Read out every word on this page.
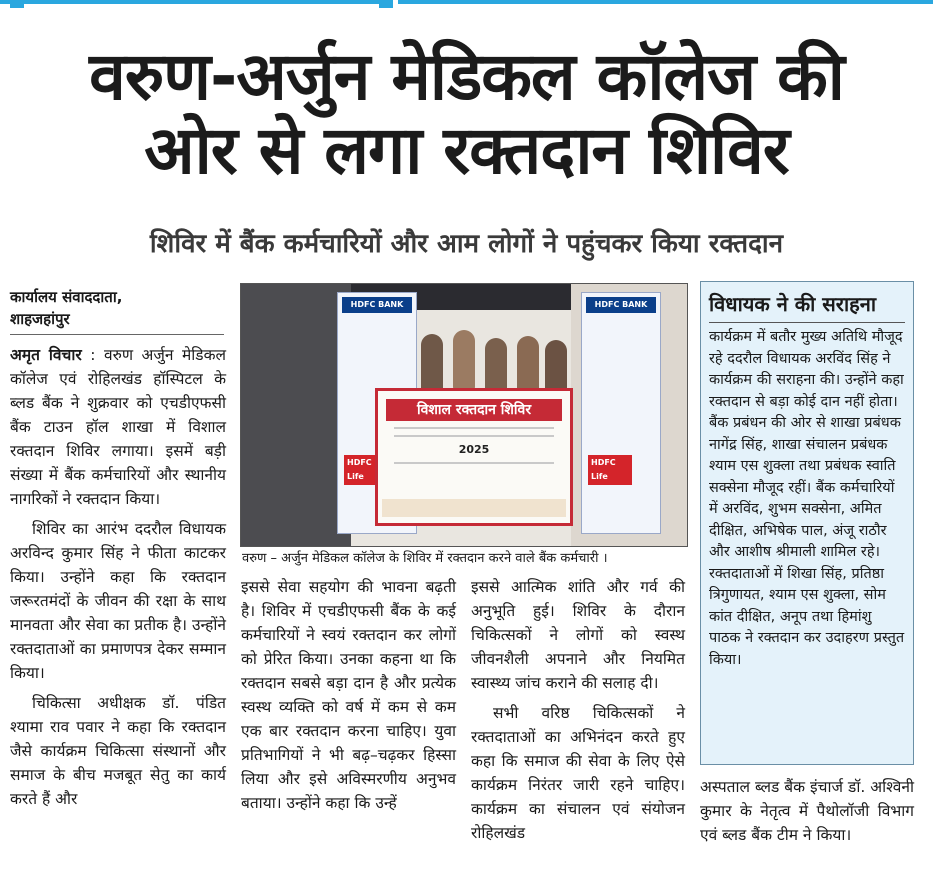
वरुण-अर्जुन मेडिकल कॉलेज की
ओर से लगा रक्तदान शिविर
शिविर में बैंक कर्मचारियों और आम लोगों ने पहुंचकर किया रक्तदान
कार्यालय संवाददाता,
शाहजहांपुर

अमृत विचार : वरुण अर्जुन मेडिकल कॉलेज एवं रोहिलखंड हॉस्पिटल के ब्लड बैंक ने शुक्रवार को एचडीएफसी बैंक टाउन हॉल शाखा में विशाल रक्तदान शिविर लगाया। इसमें बड़ी संख्या में बैंक कर्मचारियों और स्थानीय नागरिकों ने रक्तदान किया।

शिविर का आरंभ ददरौल विधायक अरविन्द कुमार सिंह ने फीता काटकर किया। उन्होंने कहा कि रक्तदान जरूरतमंदों के जीवन की रक्षा के साथ मानवता और सेवा का प्रतीक है। उन्होंने रक्तदाताओं का प्रमाणपत्र देकर सम्मान किया।

चिकित्सा अधीक्षक डॉ. पंडित श्यामा राव पवार ने कहा कि रक्तदान जैसे कार्यक्रम चिकित्सा संस्थानों और समाज के बीच मजबूत सेतु का कार्य करते हैं और

HDFC BANK
HDFC Life
HDFC BANK
HDFC Life
विशाल रक्तदान शिविर
2025
वरुण – अर्जुन मेडिकल कॉलेज के शिविर में रक्तदान करने वाले बैंक कर्मचारी ।

इससे सेवा सहयोग की भावना बढ़ती है। शिविर में एचडीएफसी बैंक के कई कर्मचारियों ने स्वयं रक्तदान कर लोगों को प्रेरित किया। उनका कहना था कि रक्तदान सबसे बड़ा दान है और प्रत्येक स्वस्थ व्यक्ति को वर्ष में कम से कम एक बार रक्तदान करना चाहिए। युवा प्रतिभागियों ने भी बढ़–चढ़कर हिस्सा लिया और इसे अविस्मरणीय अनुभव बताया। उन्होंने कहा कि उन्हें

इससे आत्मिक शांति और गर्व की अनुभूति हुई। शिविर के दौरान चिकित्सकों ने लोगों को स्वस्थ जीवनशैली अपनाने और नियमित स्वास्थ्य जांच कराने की सलाह दी।

सभी वरिष्ठ चिकित्सकों ने रक्तदाताओं का अभिनंदन करते हुए कहा कि समाज की सेवा के लिए ऐसे कार्यक्रम निरंतर जारी रहने चाहिए। कार्यक्रम का संचालन एवं संयोजन रोहिलखंड

विधायक ने की सराहना

कार्यक्रम में बतौर मुख्य अतिथि मौजूद रहे ददरौल विधायक अरविंद सिंह ने कार्यक्रम की सराहना की। उन्होंने कहा रक्तदान से बड़ा कोई दान नहीं होता। बैंक प्रबंधन की ओर से शाखा प्रबंधक नागेंद्र सिंह, शाखा संचालन प्रबंधक श्याम एस शुक्ला तथा प्रबंधक स्वाति सक्सेना मौजूद रहीं। बैंक कर्मचारियों में अरविंद, शुभम सक्सेना, अमित दीक्षित, अभिषेक पाल, अंजू राठौर और आशीष श्रीमाली शामिल रहे। रक्तदाताओं में शिखा सिंह, प्रतिष्ठा त्रिगुणायत, श्याम एस शुक्ला, सोम कांत दीक्षित, अनूप तथा हिमांशु पाठक ने रक्तदान कर उदाहरण प्रस्तुत किया।

अस्पताल ब्लड बैंक इंचार्ज डॉ. अश्विनी कुमार के नेतृत्व में पैथोलॉजी विभाग एवं ब्लड बैंक टीम ने किया।
